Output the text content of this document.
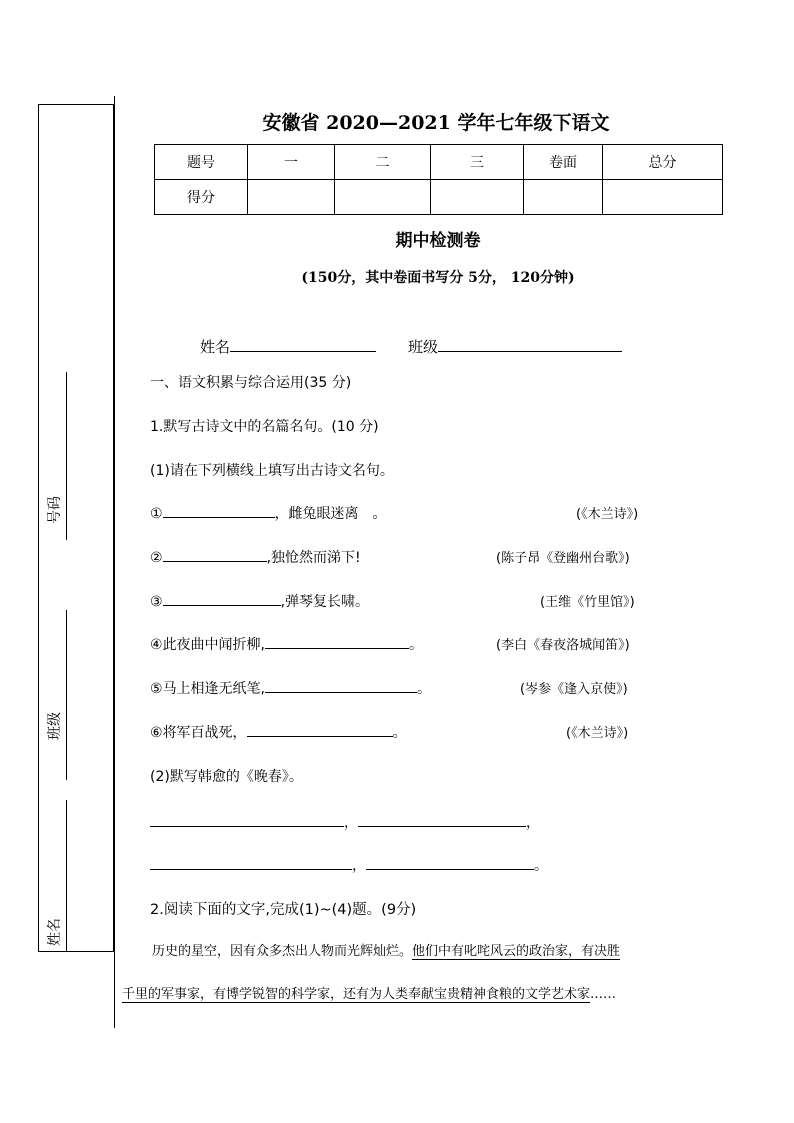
号码
班级
姓名
安徽省 2020—2021 学年七年级下语文
题号	一	二	三	卷面	总分
得分					
期中检测卷
(150分，其中卷面书写分 5分， 120分钟)
姓名	班级
一、语文积累与综合运用(35 分)
1.默写古诗文中的名篇名句。(10 分)
(1)请在下列横线上填写出古诗文名句。
①	，雌兔眼迷离　。	(《木兰诗》)
②	,独怆然而涕下!	(陈子昂《登幽州台歌》)
③	,弹琴复长啸。	(王维《竹里馆》)
④此夜曲中闻折柳,	。	(李白《春夜洛城闻笛》)
⑤马上相逢无纸笔,	。	(岑参《逢入京使》)
⑥将军百战死，	。	(《木兰诗》)
(2)默写韩愈的《晚春》。
，	，
，	。
2.阅读下面的文字,完成(1)~(4)题。(9分)
历史的星空，因有众多杰出人物而光辉灿烂。他们中有叱咤风云的政治家，有决胜
千里的军事家，有博学锐智的科学家，还有为人类奉献宝贵精神食粮的文学艺术家……
